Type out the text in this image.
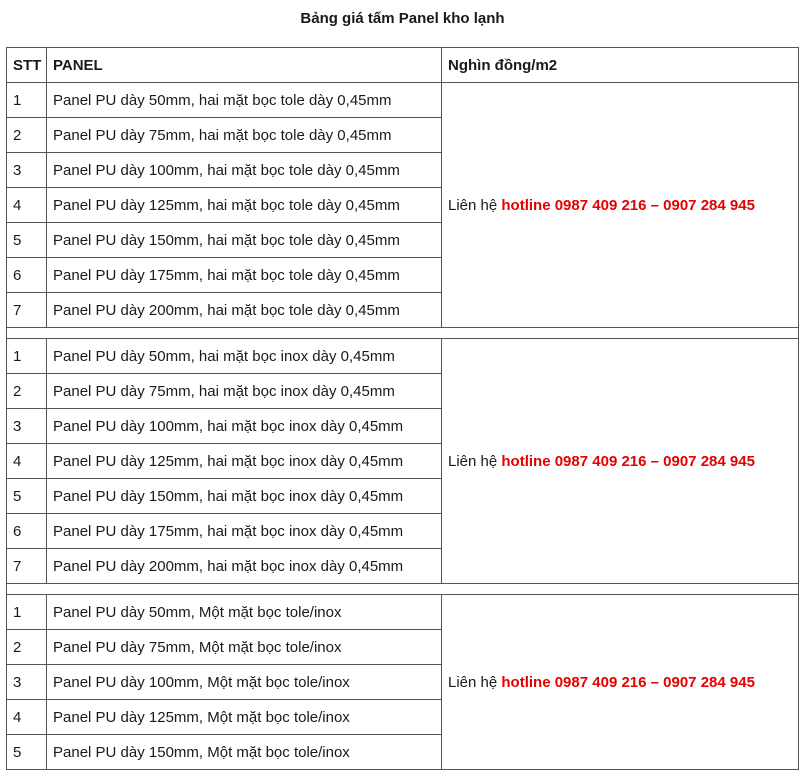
Bảng giá tấm Panel kho lạnh
STT	PANEL	Nghìn đồng/m2
1	Panel PU dày 50mm, hai mặt bọc tole dày 0,45mm	Liên hệ hotline 0987 409 216 – 0907 284 945
2	Panel PU dày 75mm, hai mặt bọc tole dày 0,45mm	
3	Panel PU dày 100mm, hai mặt bọc tole dày 0,45mm	
4	Panel PU dày 125mm, hai mặt bọc tole dày 0,45mm	
5	Panel PU dày 150mm, hai mặt bọc tole dày 0,45mm	
6	Panel PU dày 175mm, hai mặt bọc tole dày 0,45mm	
7	Panel PU dày 200mm, hai mặt bọc tole dày 0,45mm	

1	Panel PU dày 50mm, hai mặt bọc inox dày 0,45mm	Liên hệ hotline 0987 409 216 – 0907 284 945
2	Panel PU dày 75mm, hai mặt bọc inox dày 0,45mm	
3	Panel PU dày 100mm, hai mặt bọc inox dày 0,45mm	
4	Panel PU dày 125mm, hai mặt bọc inox dày 0,45mm	
5	Panel PU dày 150mm, hai mặt bọc inox dày 0,45mm	
6	Panel PU dày 175mm, hai mặt bọc inox dày 0,45mm	
7	Panel PU dày 200mm, hai mặt bọc inox dày 0,45mm	

1	Panel PU dày 50mm, Một mặt bọc tole/inox	Liên hệ hotline 0987 409 216 – 0907 284 945
2	Panel PU dày 75mm, Một mặt bọc tole/inox	
3	Panel PU dày 100mm, Một mặt bọc tole/inox	
4	Panel PU dày 125mm, Một mặt bọc tole/inox	
5	Panel PU dày 150mm, Một mặt bọc tole/inox	
